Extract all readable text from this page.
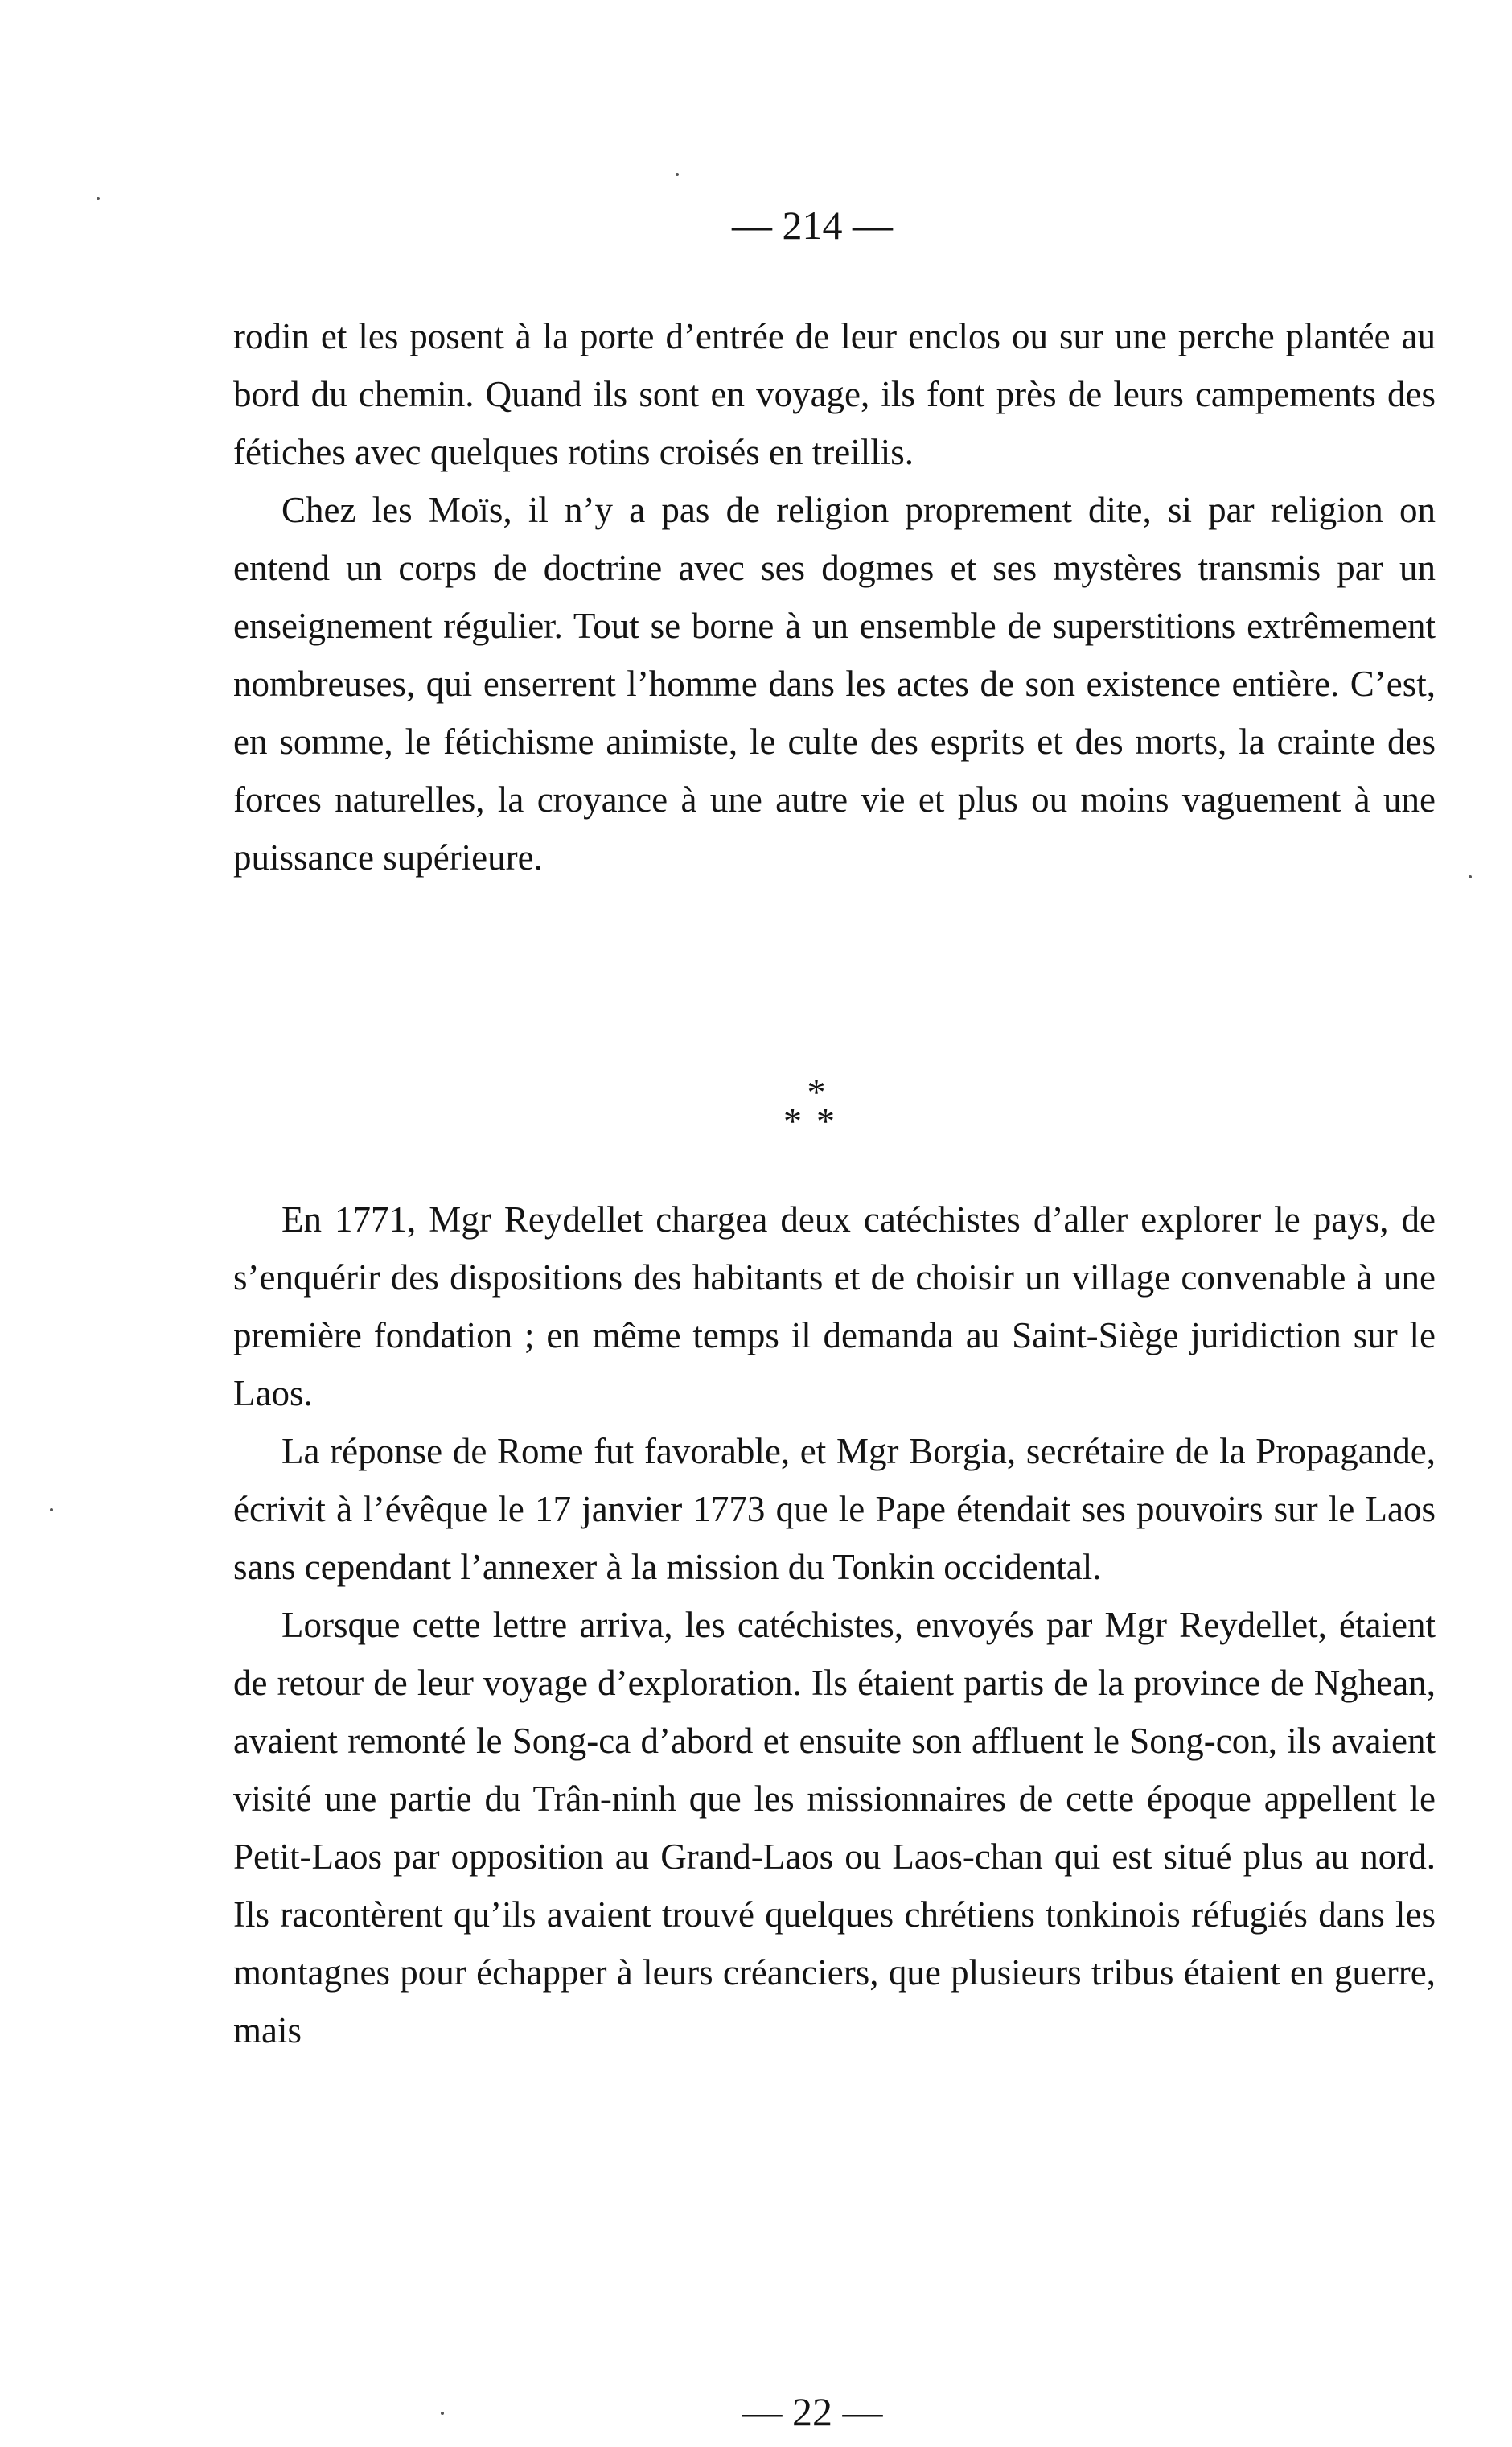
— 214 —

rodin et les posent à la porte d’entrée de leur enclos ou sur une perche plantée au bord du chemin. Quand ils sont en voyage, ils font près de leurs campements des fétiches avec quelques rotins croisés en treillis.

Chez les Moïs, il n’y a pas de religion proprement dite, si par religion on entend un corps de doctrine avec ses dogmes et ses mystères transmis par un enseignement régulier. Tout se borne à un ensemble de superstitions extrêmement nombreuses, qui enserrent l’homme dans les actes de son existence entière. C’est, en somme, le fétichisme animiste, le culte des esprits et des morts, la crainte des forces naturelles, la croyance à une autre vie et plus ou moins vaguement à une puissance supérieure.

*
**

En 1771, Mgr Reydellet chargea deux catéchistes d’aller explorer le pays, de s’enquérir des dispositions des habitants et de choisir un village convenable à une première fondation ; en même temps il demanda au Saint-Siège juridiction sur le Laos.

La réponse de Rome fut favorable, et Mgr Borgia, secrétaire de la Propagande, écrivit à l’évêque le 17 janvier 1773 que le Pape étendait ses pouvoirs sur le Laos sans cependant l’annexer à la mission du Tonkin occidental.

Lorsque cette lettre arriva, les catéchistes, envoyés par Mgr Reydellet, étaient de retour de leur voyage d’exploration. Ils étaient partis de la province de Nghean, avaient remonté le Song-ca d’abord et ensuite son affluent le Song-con, ils avaient visité une partie du Trân-ninh que les missionnaires de cette époque appellent le Petit-Laos par opposition au Grand-Laos ou Laos-chan qui est situé plus au nord. Ils racontèrent qu’ils avaient trouvé quelques chrétiens tonkinois réfugiés dans les montagnes pour échapper à leurs créanciers, que plusieurs tribus étaient en guerre, mais

— 22 —
